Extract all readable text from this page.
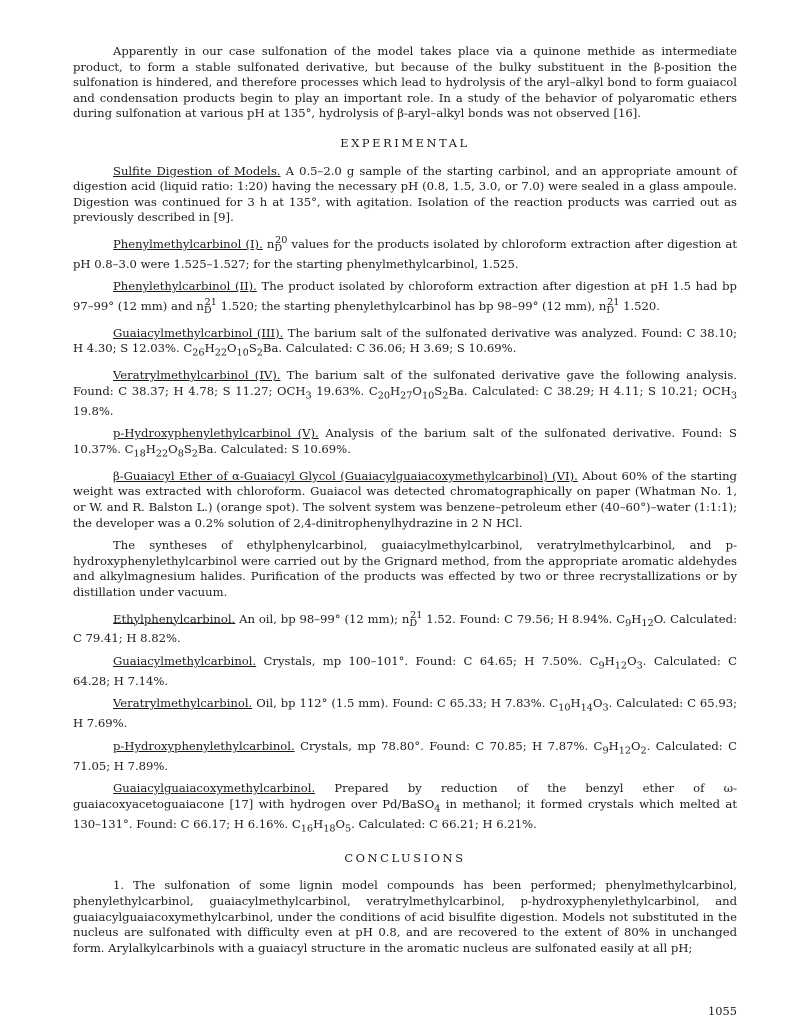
Apparently in our case sulfonation of the model takes place via a quinone methide as intermediate product, to form a stable sulfonated derivative, but because of the bulky substituent in the β-position the sulfonation is hindered, and therefore processes which lead to hydrolysis of the aryl–alkyl bond to form guaiacol and condensation products begin to play an important role. In a study of the behavior of polyaromatic ethers during sulfonation at various pH at 135°, hydrolysis of β-aryl–alkyl bonds was not observed [16].

EXPERIMENTAL

Sulfite Digestion of Models. A 0.5–2.0 g sample of the starting carbinol, and an appropriate amount of digestion acid (liquid ratio: 1:20) having the necessary pH (0.8, 1.5, 3.0, or 7.0) were sealed in a glass ampoule. Digestion was continued for 3 h at 135°, with agitation. Isolation of the reaction products was carried out as previously described in [9].

Phenylmethylcarbinol (I). $n_D^{20}$ values for the products isolated by chloroform extraction after digestion at pH 0.8–3.0 were 1.525–1.527; for the starting phenylmethylcarbinol, 1.525.

Phenylethylcarbinol (II). The product isolated by chloroform extraction after digestion at pH 1.5 had bp 97–99° (12 mm) and $n_D^{21}$ 1.520; the starting phenylethylcarbinol has bp 98–99° (12 mm), $n_D^{21}$ 1.520.

Guaiacylmethylcarbinol (III). The barium salt of the sulfonated derivative was analyzed. Found: C 38.10; H 4.30; S 12.03%. $C_{26}H_{22}O_{10}S_2Ba$. Calculated: C 36.06; H 3.69; S 10.69%.

Veratrylmethylcarbinol (IV). The barium salt of the sulfonated derivative gave the following analysis. Found: C 38.37; H 4.78; S 11.27; $OCH_3$ 19.63%. $C_{20}H_{27}O_{10}S_2Ba$. Calculated: C 38.29; H 4.11; S 10.21; $OCH_3$ 19.8%.

p-Hydroxyphenylethylcarbinol (V). Analysis of the barium salt of the sulfonated derivative. Found: S 10.37%. $C_{18}H_{22}O_8S_2Ba$. Calculated: S 10.69%.

β-Guaiacyl Ether of α-Guaiacyl Glycol (Guaiacylguaiacoxymethylcarbinol) (VI). About 60% of the starting weight was extracted with chloroform. Guaiacol was detected chromatographically on paper (Whatman No. 1, or W. and R. Balston L.) (orange spot). The solvent system was benzene–petroleum ether (40–60°)–water (1:1:1); the developer was a 0.2% solution of 2,4-dinitrophenylhydrazine in 2 N HCl.

The syntheses of ethylphenylcarbinol, guaiacylmethylcarbinol, veratrylmethylcarbinol, and p-hydroxyphenylethylcarbinol were carried out by the Grignard method, from the appropriate aromatic aldehydes and alkylmagnesium halides. Purification of the products was effected by two or three recrystallizations or by distillation under vacuum.

Ethylphenylcarbinol. An oil, bp 98–99° (12 mm); $n_D^{21}$ 1.52. Found: C 79.56; H 8.94%. $C_9H_{12}O$. Calculated: C 79.41; H 8.82%.

Guaiacylmethylcarbinol. Crystals, mp 100–101°. Found: C 64.65; H 7.50%. $C_9H_{12}O_3$. Calculated: C 64.28; H 7.14%.

Veratrylmethylcarbinol. Oil, bp 112° (1.5 mm). Found: C 65.33; H 7.83%. $C_{10}H_{14}O_3$. Calculated: C 65.93; H 7.69%.

p-Hydroxyphenylethylcarbinol. Crystals, mp 78.80°. Found: C 70.85; H 7.87%. $C_9H_{12}O_2$. Calculated: C 71.05; H 7.89%.

Guaiacylguaiacoxymethylcarbinol. Prepared by reduction of the benzyl ether of ω-guaiacoxyacetoguaiacone [17] with hydrogen over Pd/BaSO$_4$ in methanol; it formed crystals which melted at 130–131°. Found: C 66.17; H 6.16%. $C_{16}H_{18}O_5$. Calculated: C 66.21; H 6.21%.

CONCLUSIONS

1. The sulfonation of some lignin model compounds has been performed; phenylmethylcarbinol, phenylethylcarbinol, guaiacylmethylcarbinol, veratrylmethylcarbinol, p-hydroxyphenylethylcarbinol, and guaiacylguaiacoxymethylcarbinol, under the conditions of acid bisulfite digestion. Models not substituted in the nucleus are sulfonated with difficulty even at pH 0.8, and are recovered to the extent of 80% in unchanged form. Arylalkylcarbinols with a guaiacyl structure in the aromatic nucleus are sulfonated easily at all pH;

1055
